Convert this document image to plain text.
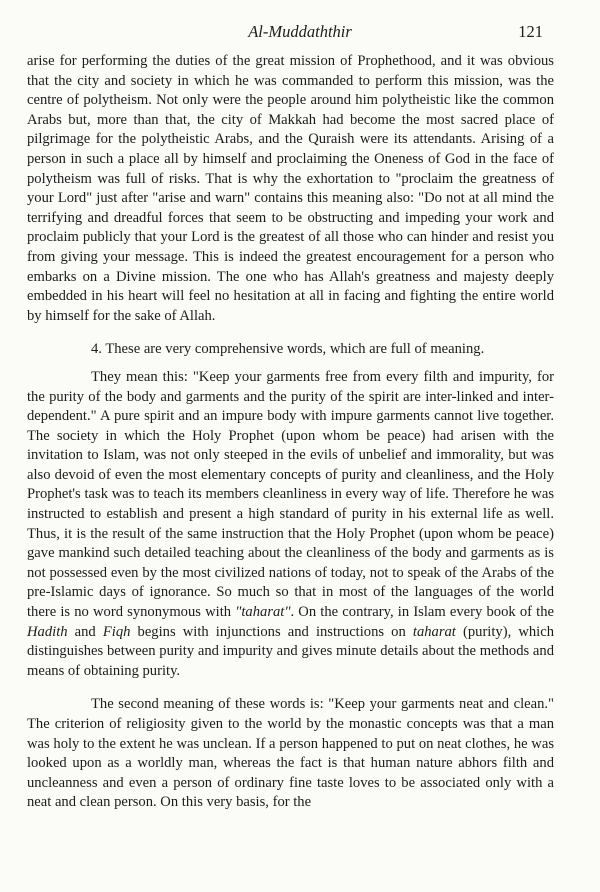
Al-Muddaththir	121

arise for performing the duties of the great mission of Prophethood, and it was obvious that the city and society in which he was commanded to perform this mission, was the centre of polytheism. Not only were the people around him polytheistic like the common Arabs but, more than that, the city of Makkah had become the most sacred place of pilgrimage for the polytheistic Arabs, and the Quraish were its attendants. Arising of a person in such a place all by himself and proclaiming the Oneness of God in the face of polytheism was full of risks. That is why the exhortation to "proclaim the greatness of your Lord" just after "arise and warn" contains this meaning also: "Do not at all mind the terrifying and dreadful forces that seem to be obstructing and impeding your work and proclaim publicly that your Lord is the greatest of all those who can hinder and resist you from giving your message. This is indeed the greatest encouragement for a person who embarks on a Divine mission. The one who has Allah's greatness and majesty deeply embedded in his heart will feel no hesitation at all in facing and fighting the entire world by himself for the sake of Allah.

4. These are very comprehensive words, which are full of meaning.

They mean this: "Keep your garments free from every filth and impurity, for the purity of the body and garments and the purity of the spirit are inter-linked and inter-dependent." A pure spirit and an impure body with impure garments cannot live together. The society in which the Holy Prophet (upon whom be peace) had arisen with the invitation to Islam, was not only steeped in the evils of unbelief and immorality, but was also devoid of even the most elementary concepts of purity and cleanliness, and the Holy Prophet's task was to teach its members cleanliness in every way of life. Therefore he was instructed to establish and present a high standard of purity in his external life as well. Thus, it is the result of the same instruction that the Holy Prophet (upon whom be peace) gave mankind such detailed teaching about the cleanliness of the body and garments as is not possessed even by the most civilized nations of today, not to speak of the Arabs of the pre-Islamic days of ignorance. So much so that in most of the languages of the world there is no word synonymous with "taharat". On the contrary, in Islam every book of the Hadith and Fiqh begins with injunctions and instructions on taharat (purity), which distinguishes between purity and impurity and gives minute details about the methods and means of obtaining purity.

The second meaning of these words is: "Keep your garments neat and clean." The criterion of religiosity given to the world by the monastic concepts was that a man was holy to the extent he was unclean. If a person happened to put on neat clothes, he was looked upon as a worldly man, whereas the fact is that human nature abhors filth and uncleanness and even a person of ordinary fine taste loves to be associated only with a neat and clean person. On this very basis, for the
